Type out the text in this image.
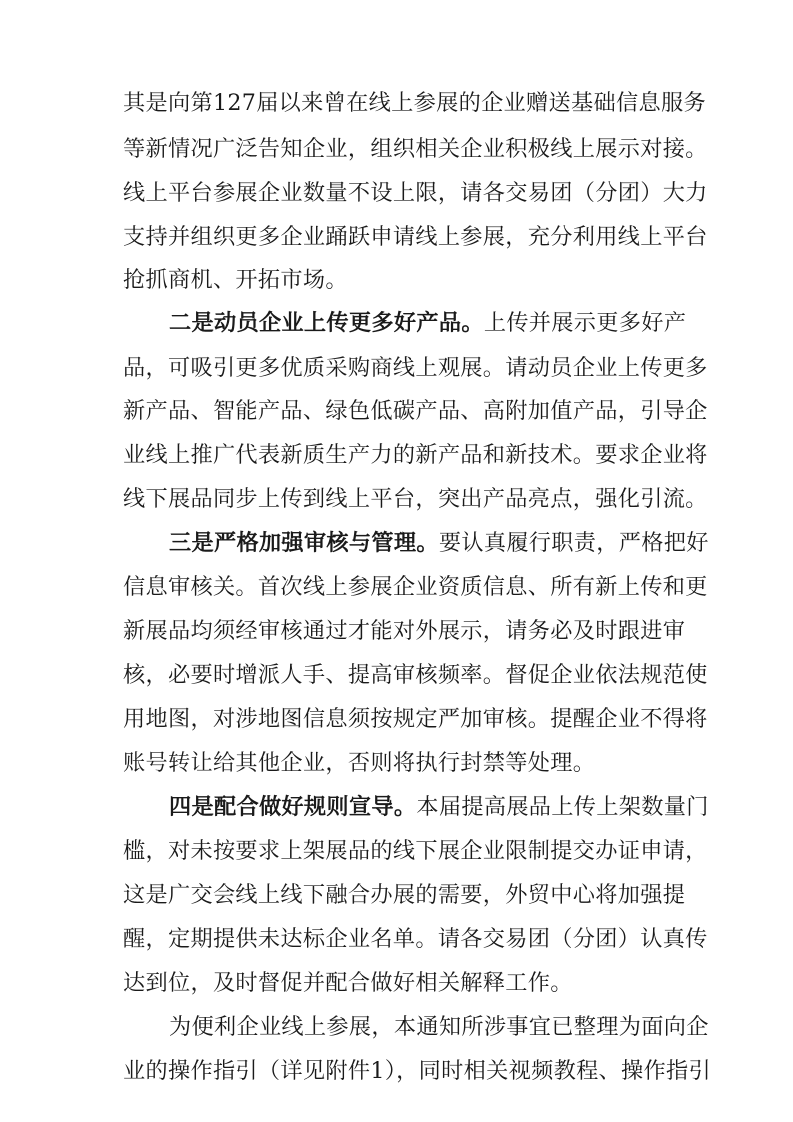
其是向第127届以来曾在线上参展的企业赠送基础信息服务
等新情况广泛告知企业，组织相关企业积极线上展示对接。
线上平台参展企业数量不设上限，请各交易团（分团）大力
支持并组织更多企业踊跃申请线上参展，充分利用线上平台
抢抓商机、开拓市场。
二是动员企业上传更多好产品。上传并展示更多好产
品，可吸引更多优质采购商线上观展。请动员企业上传更多
新产品、智能产品、绿色低碳产品、高附加值产品，引导企
业线上推广代表新质生产力的新产品和新技术。要求企业将
线下展品同步上传到线上平台，突出产品亮点，强化引流。
三是严格加强审核与管理。要认真履行职责，严格把好
信息审核关。首次线上参展企业资质信息、所有新上传和更
新展品均须经审核通过才能对外展示，请务必及时跟进审
核，必要时增派人手、提高审核频率。督促企业依法规范使
用地图，对涉地图信息须按规定严加审核。提醒企业不得将
账号转让给其他企业，否则将执行封禁等处理。
四是配合做好规则宣导。本届提高展品上传上架数量门
槛，对未按要求上架展品的线下展企业限制提交办证申请，
这是广交会线上线下融合办展的需要，外贸中心将加强提
醒，定期提供未达标企业名单。请各交易团（分团）认真传
达到位，及时督促并配合做好相关解释工作。
为便利企业线上参展，本通知所涉事宜已整理为面向企
业的操作指引（详见附件1），同时相关视频教程、操作指引
